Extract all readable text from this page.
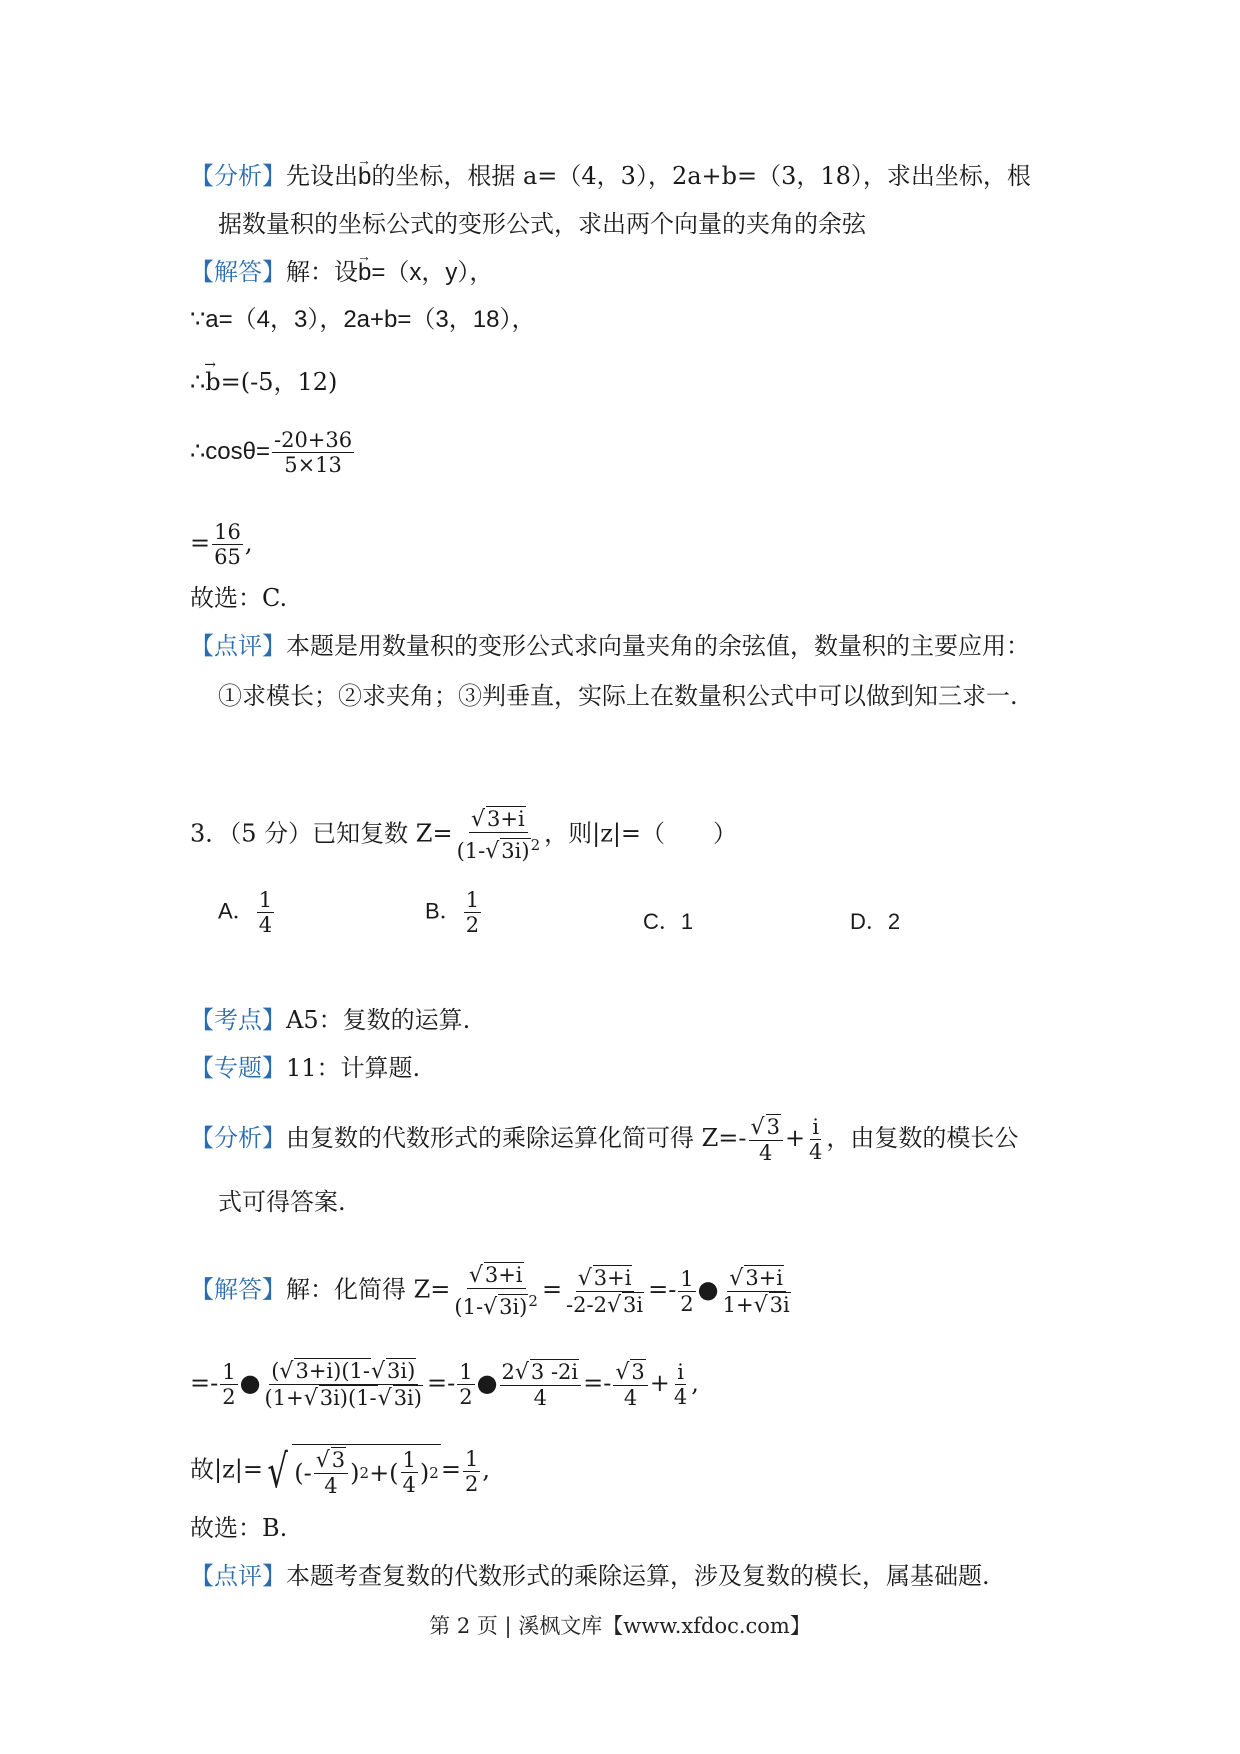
【分析】先设出→ b的坐标，根据 a=（4，3），2a+b=（3，18），求出坐标，根
据数量积的坐标公式的变形公式，求出两个向量的夹角的余弦
【解答】解：设→ b=（x，y），
∵a=（4，3），2a+b=（3，18），
∴→ b=(-5，12)
∴cosθ= $\frac{-20+36}{5\times 13}$
= $\frac{16}{65}$ ,
故选：C.
【点评】本题是用数量积的变形公式求向量夹角的余弦值，数量积的主要应用：
①求模长；②求夹角；③判垂直，实际上在数量积公式中可以做到知三求一.
3．（5 分）已知复数 $Z= \frac{√3+i}{(1-√3i)^2}$ ，则|z|=（　　）
A． $\frac{1}{4}$	B． $\frac{1}{2}$	C．1	D．2
【考点】A5：复数的运算.
【专题】11：计算题.
【分析】由复数的代数形式的乘除运算化简可得 $Z=- \frac{√3}{4} + \frac{i}{4}$ ，由复数的模长公
式可得答案.
【解答】解：化简得 $Z= \frac{√3+i}{(1-√3i)^2} = \frac{√3+i}{-2-2√3i} =- \frac{1}{2}$ ● $\frac{√3+i}{1+√3i}$
=- $\frac{1}{2}$ ● $\frac{(√3+i)(1-√3i)}{(1+√3i)(1-√3i)} =- \frac{1}{2}$ ● $\frac{2√3 -2i}{4} =- \frac{√3}{4} + \frac{i}{4}$ ,
故|z|= √ (- $\frac{√3}{4}$ ) 2 +( $\frac{1}{4}$ ) $2 = \frac{1}{2}$ ,
故选：B.
【点评】本题考查复数的代数形式的乘除运算，涉及复数的模长，属基础题.
第 2 页 | 溪枫文库【www.xfdoc.com】
